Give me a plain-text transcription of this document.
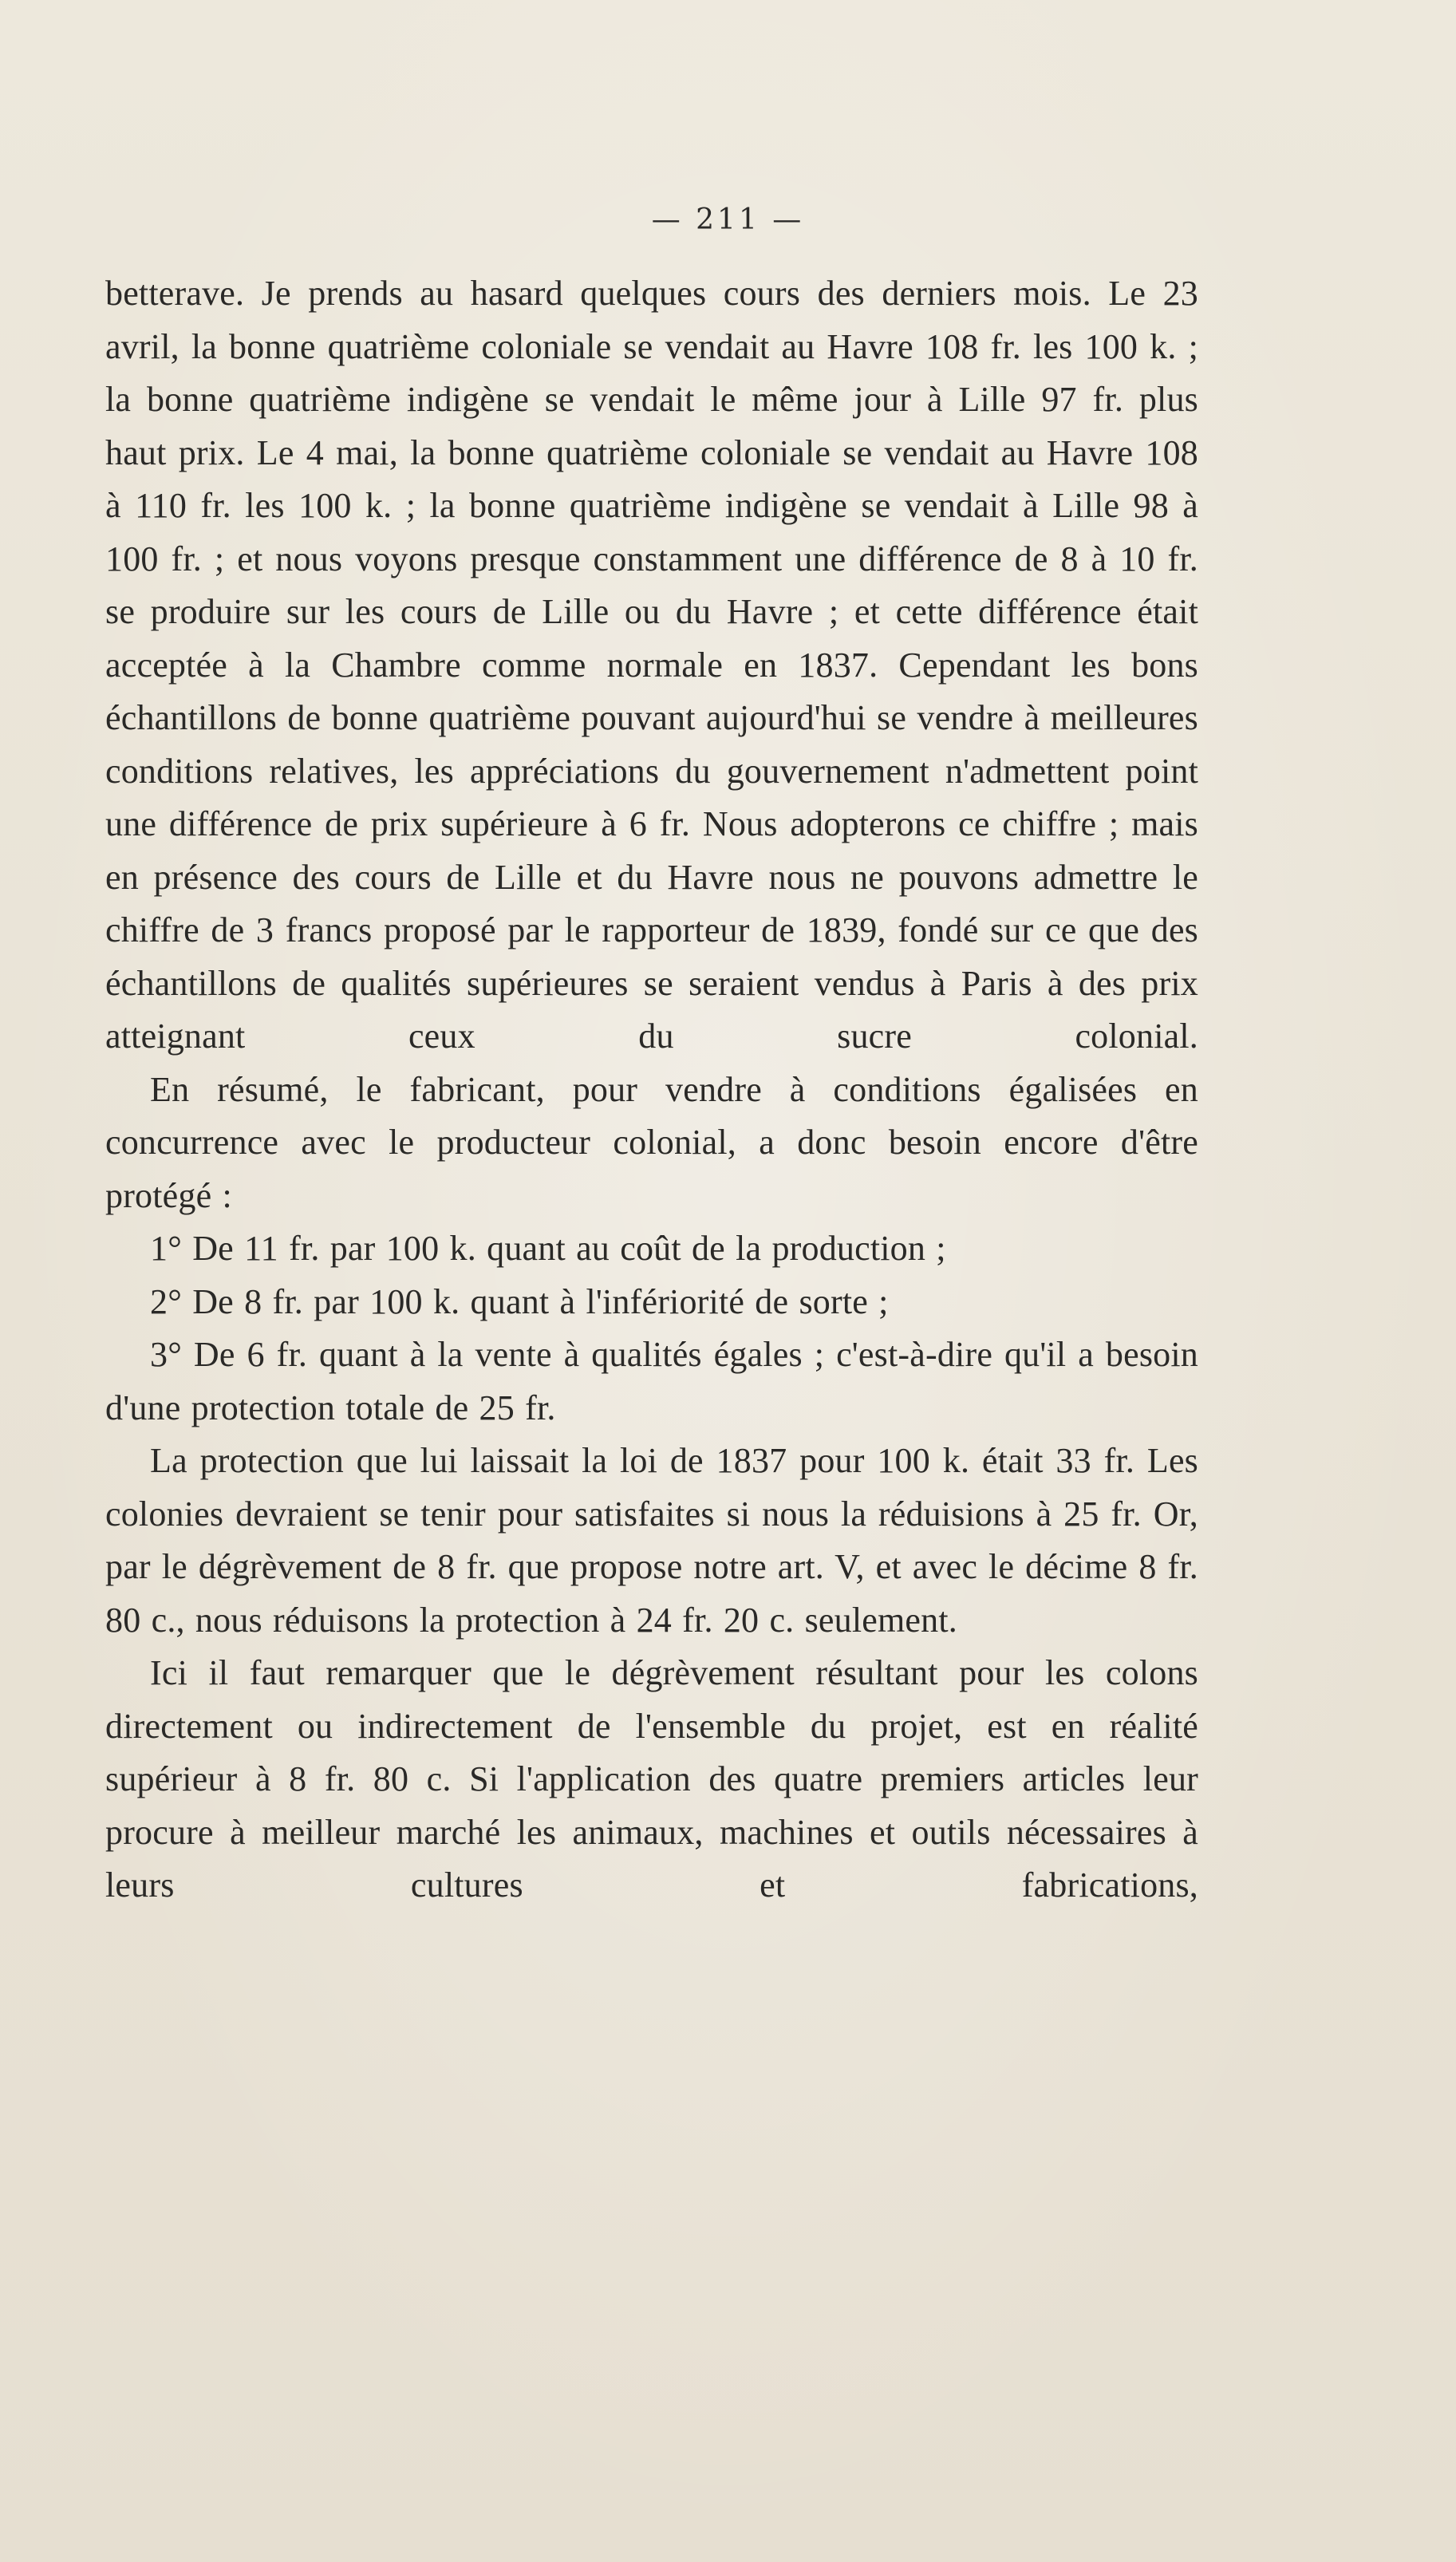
— 211 —

betterave. Je prends au hasard quelques cours des derniers mois. Le 23 avril, la bonne quatrième coloniale se vendait au Havre 108 fr. les 100 k. ; la bonne quatrième indigène se vendait le même jour à Lille 97 fr. plus haut prix. Le 4 mai, la bonne quatrième coloniale se vendait au Havre 108 à 110 fr. les 100 k. ; la bonne quatrième indigène se vendait à Lille 98 à 100 fr. ; et nous voyons presque constamment une différence de 8 à 10 fr. se produire sur les cours de Lille ou du Havre ; et cette différence était acceptée à la Chambre comme normale en 1837. Cependant les bons échantillons de bonne quatrième pouvant aujourd'hui se vendre à meilleures conditions relatives, les appréciations du gouvernement n'admettent point une différence de prix supérieure à 6 fr. Nous adopterons ce chiffre ; mais en présence des cours de Lille et du Havre nous ne pouvons admettre le chiffre de 3 francs proposé par le rapporteur de 1839, fondé sur ce que des échantillons de qualités supérieures se seraient vendus à Paris à des prix atteignant ceux du sucre colonial.

En résumé, le fabricant, pour vendre à conditions égalisées en concurrence avec le producteur colonial, a donc besoin encore d'être protégé :

1° De 11 fr. par 100 k. quant au coût de la production ;

2° De 8 fr. par 100 k. quant à l'infériorité de sorte ;

3° De 6 fr. quant à la vente à qualités égales ; c'est-à-dire qu'il a besoin d'une protection totale de 25 fr.

La protection que lui laissait la loi de 1837 pour 100 k. était 33 fr. Les colonies devraient se tenir pour satisfaites si nous la réduisions à 25 fr. Or, par le dégrèvement de 8 fr. que propose notre art. V, et avec le décime 8 fr. 80 c., nous réduisons la protection à 24 fr. 20 c. seulement.

Ici il faut remarquer que le dégrèvement résultant pour les colons directement ou indirectement de l'ensemble du projet, est en réalité supérieur à 8 fr. 80 c. Si l'application des quatre premiers articles leur procure à meilleur marché les animaux, machines et outils nécessaires à leurs cultures et fabrications,
